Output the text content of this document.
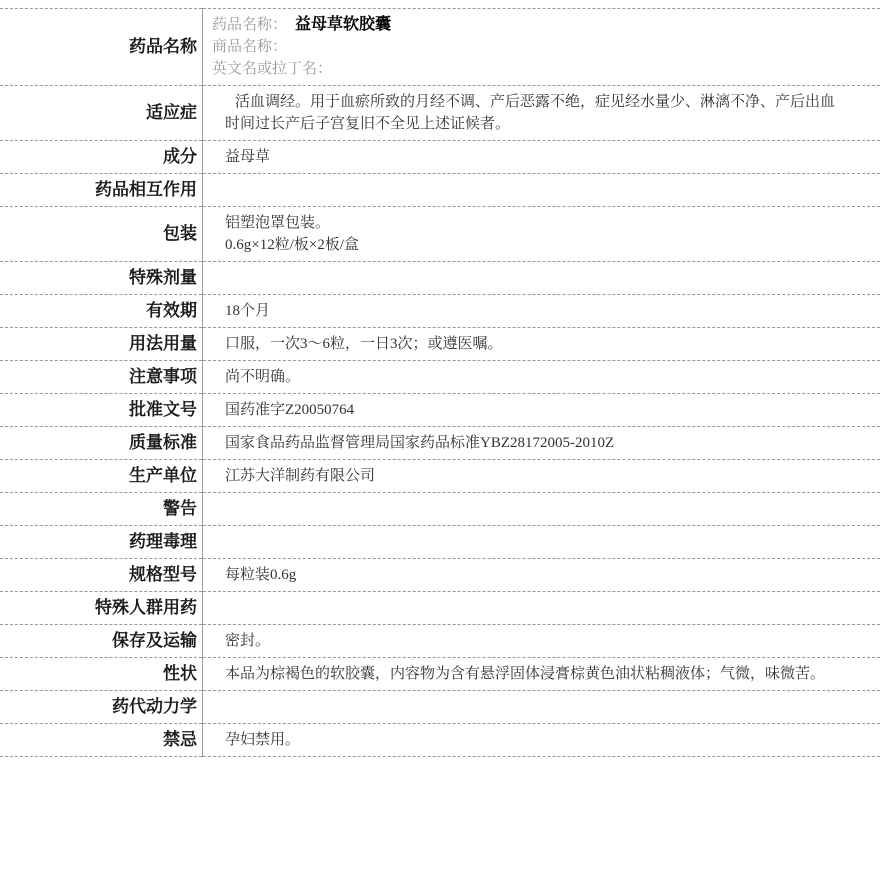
药品名称	药品名称： 益母草软胶囊
商品名称：
英文名或拉丁名：

适应症	活血调经。用于血瘀所致的月经不调、产后恶露不绝，症见经水量少、淋漓不净、产后出血
时间过长产后子宫复旧不全见上述证候者。

成分	益母草

药品相互作用	

包装	铝塑泡罩包装。
0.6g×12粒/板×2板/盒

特殊剂量	

有效期	18个月

用法用量	口服，一次3～6粒，一日3次；或遵医嘱。

注意事项	尚不明确。

批准文号	国药准字Z20050764

质量标准	国家食品药品监督管理局国家药品标准YBZ28172005-2010Z

生产单位	江苏大洋制药有限公司

警告	

药理毒理	

规格型号	每粒装0.6g

特殊人群用药	

保存及运输	密封。

性状	本品为棕褐色的软胶囊，内容物为含有悬浮固体浸膏棕黄色油状粘稠液体；气微，味微苦。

药代动力学	

禁忌	孕妇禁用。
